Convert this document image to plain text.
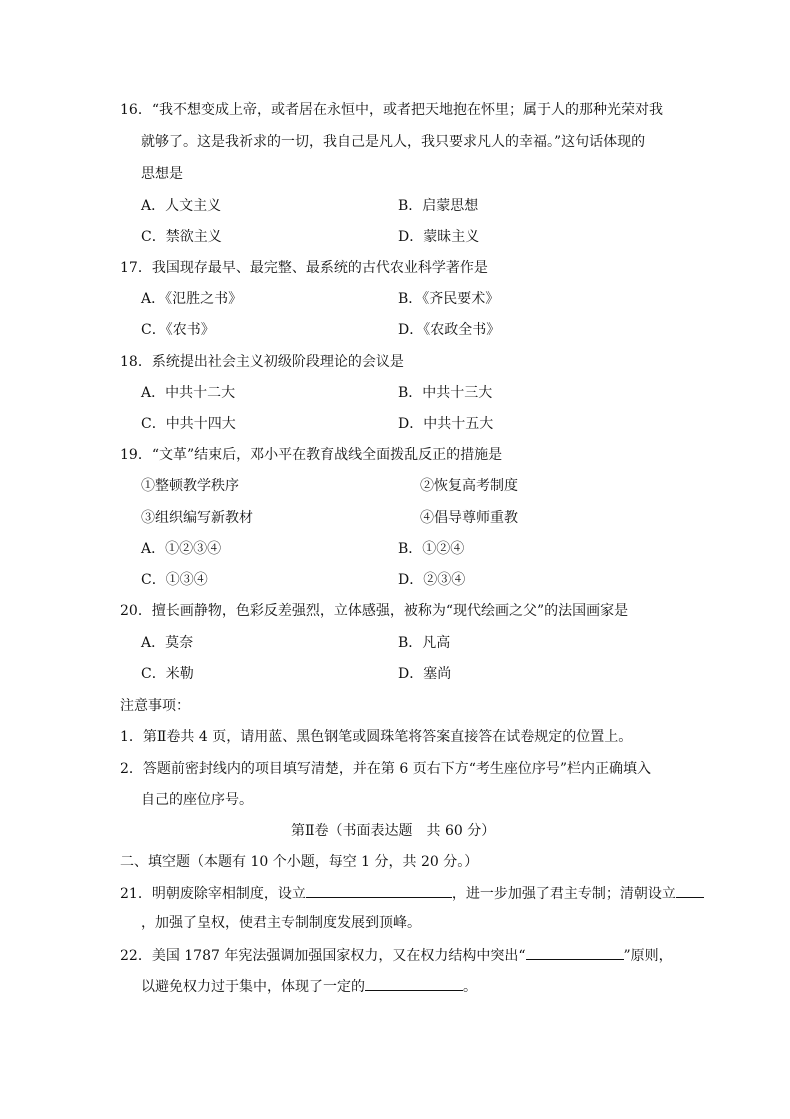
16．“我不想变成上帝，或者居在永恒中，或者把天地抱在怀里；属于人的那种光荣对我
就够了。这是我祈求的一切，我自己是凡人，我只要求凡人的幸福。”这句话体现的
思想是
A．人文主义	B．启蒙思想
C．禁欲主义	D．蒙昧主义
17．我国现存最早、最完整、最系统的古代农业科学著作是
A．《氾胜之书》	B．《齐民要术》
C．《农书》	D．《农政全书》
18．系统提出社会主义初级阶段理论的会议是
A．中共十二大	B．中共十三大
C．中共十四大	D．中共十五大
19．“文革”结束后，邓小平在教育战线全面拨乱反正的措施是
①整顿教学秩序	②恢复高考制度
③组织编写新教材	④倡导尊师重教
A．①②③④	B．①②④
C．①③④	D．②③④
20．擅长画静物，色彩反差强烈，立体感强，被称为“现代绘画之父”的法国画家是
A．莫奈	B．凡高
C．米勒	D．塞尚
注意事项：
1．第Ⅱ卷共 4 页，请用蓝、黑色钢笔或圆珠笔将答案直接答在试卷规定的位置上。
2．答题前密封线内的项目填写清楚，并在第 6 页右下方“考生座位序号”栏内正确填入
自己的座位序号。
第Ⅱ卷（书面表达题　共 60 分）
二、填空题（本题有 10 个小题，每空 1 分，共 20 分。）
21．明朝废除宰相制度，设立	，进一步加强了君主专制；清朝设立
，加强了皇权，使君主专制制度发展到顶峰。
22．美国 1787 年宪法强调加强国家权力，又在权力结构中突出“	”原则，
以避免权力过于集中，体现了一定的	。
